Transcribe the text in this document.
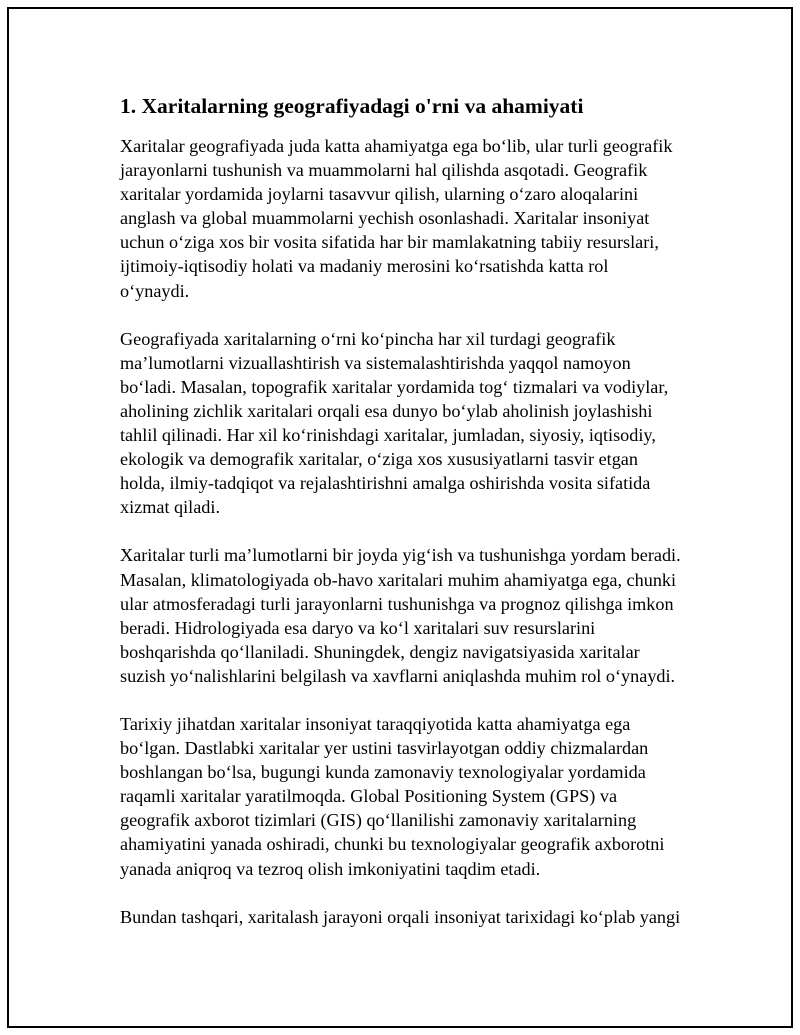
1. Xaritalarning geografiyadagi o'rni va ahamiyati

Xaritalar geografiyada juda katta ahamiyatga ega bo‘lib, ular turli geografik
jarayonlarni tushunish va muammolarni hal qilishda asqotadi. Geografik
xaritalar yordamida joylarni tasavvur qilish, ularning o‘zaro aloqalarini
anglash va global muammolarni yechish osonlashadi. Xaritalar insoniyat
uchun o‘ziga xos bir vosita sifatida har bir mamlakatning tabiiy resurslari,
ijtimoiy-iqtisodiy holati va madaniy merosini ko‘rsatishda katta rol
o‘ynaydi.

Geografiyada xaritalarning o‘rni ko‘pincha har xil turdagi geografik
ma’lumotlarni vizuallashtirish va sistemalashtirishda yaqqol namoyon
bo‘ladi. Masalan, topografik xaritalar yordamida tog‘ tizmalari va vodiylar,
aholining zichlik xaritalari orqali esa dunyo bo‘ylab aholinish joylashishi
tahlil qilinadi. Har xil ko‘rinishdagi xaritalar, jumladan, siyosiy, iqtisodiy,
ekologik va demografik xaritalar, o‘ziga xos xususiyatlarni tasvir etgan
holda, ilmiy-tadqiqot va rejalashtirishni amalga oshirishda vosita sifatida
xizmat qiladi.

Xaritalar turli ma’lumotlarni bir joyda yig‘ish va tushunishga yordam beradi.
Masalan, klimatologiyada ob-havo xaritalari muhim ahamiyatga ega, chunki
ular atmosferadagi turli jarayonlarni tushunishga va prognoz qilishga imkon
beradi. Hidrologiyada esa daryo va ko‘l xaritalari suv resurslarini
boshqarishda qo‘llaniladi. Shuningdek, dengiz navigatsiyasida xaritalar
suzish yo‘nalishlarini belgilash va xavflarni aniqlashda muhim rol o‘ynaydi.

Tarixiy jihatdan xaritalar insoniyat taraqqiyotida katta ahamiyatga ega
bo‘lgan. Dastlabki xaritalar yer ustini tasvirlayotgan oddiy chizmalardan
boshlangan bo‘lsa, bugungi kunda zamonaviy texnologiyalar yordamida
raqamli xaritalar yaratilmoqda. Global Positioning System (GPS) va
geografik axborot tizimlari (GIS) qo‘llanilishi zamonaviy xaritalarning
ahamiyatini yanada oshiradi, chunki bu texnologiyalar geografik axborotni
yanada aniqroq va tezroq olish imkoniyatini taqdim etadi.

Bundan tashqari, xaritalash jarayoni orqali insoniyat tarixidagi ko‘plab yangi
